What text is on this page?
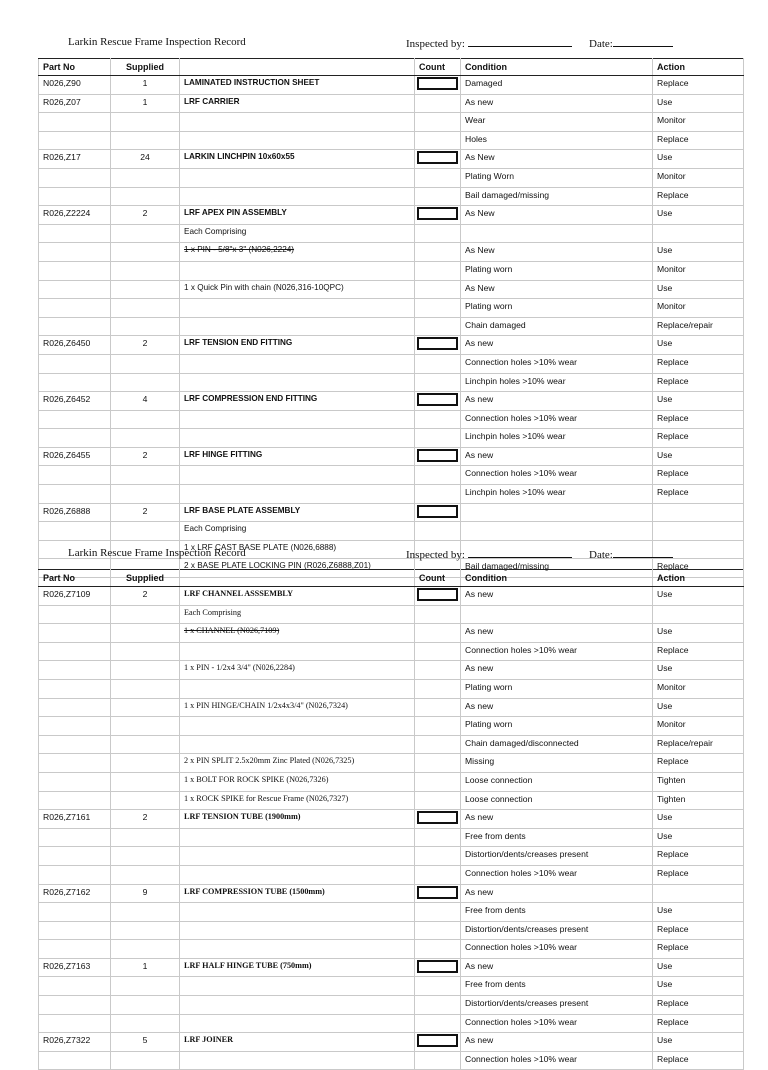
Larkin Rescue Frame Inspection Record	Inspected by:	Date:
Part No	Supplied		Count	Condition	Action
N026,Z90	1	LAMINATED INSTRUCTION SHEET		Damaged	Replace
R026,Z07	1	LRF CARRIER		As new	Use
				Wear	Monitor
				Holes	Replace
R026,Z17	24	LARKIN LINCHPIN 10x60x55		As New	Use
				Plating Worn	Monitor
				Bail damaged/missing	Replace
R026,Z2224	2	LRF APEX PIN ASSEMBLY		As New	Use
		Each Comprising			
		1 x PIN - 5/8"x 3" (N026,2224)		As New	Use
				Plating worn	Monitor
		1 x Quick Pin with chain (N026,316-10QPC)		As New	Use
				Plating worn	Monitor
				Chain damaged	Replace/repair
R026,Z6450	2	LRF TENSION END FITTING		As new	Use
				Connection holes >10% wear	Replace
				Linchpin holes >10% wear	Replace
R026,Z6452	4	LRF COMPRESSION END FITTING		As new	Use
				Connection holes >10% wear	Replace
				Linchpin holes >10% wear	Replace
R026,Z6455	2	LRF HINGE FITTING		As new	Use
				Connection holes >10% wear	Replace
				Linchpin holes >10% wear	Replace
R026,Z6888	2	LRF BASE PLATE ASSEMBLY	

		Each Comprising			
		1 x LRF CAST BASE PLATE (N026,6888)			
		2 x BASE PLATE LOCKING PIN (R026,Z6888,Z01)		Bail damaged/missing	Replace
Larkin Rescue Frame Inspection Record	Inspected by:	Date:
Part No	Supplied		Count	Condition	Action
R026,Z7109	2	LRF CHANNEL ASSSEMBLY		As new	Use
		Each Comprising			
		1 x CHANNEL (N026,7109)		As new	Use
				Connection holes >10% wear	Replace
		1 x PIN - 1/2x4 3/4" (N026,2284)		As new	Use
				Plating worn	Monitor
		1 x PIN HINGE/CHAIN 1/2x4x3/4" (N026,7324)		As new	Use
				Plating worn	Monitor
				Chain damaged/disconnected	Replace/repair
		2 x PIN SPLIT 2.5x20mm Zinc Plated (N026,7325)		Missing	Replace
		1 x BOLT FOR ROCK SPIKE (N026,7326)		Loose connection	Tighten
		1 x ROCK SPIKE for Rescue Frame (N026,7327)		Loose connection	Tighten
R026,Z7161	2	LRF TENSION TUBE (1900mm)		As new	Use
				Free from dents	Use
				Distortion/dents/creases present	Replace
				Connection holes >10% wear	Replace
R026,Z7162	9	LRF COMPRESSION TUBE (1500mm)		As new	
				Free from dents	Use
				Distortion/dents/creases present	Replace
				Connection holes >10% wear	Replace
R026,Z7163	1	LRF HALF HINGE TUBE (750mm)		As new	Use
				Free from dents	Use
				Distortion/dents/creases present	Replace
				Connection holes >10% wear	Replace
R026,Z7322	5	LRF JOINER		As new	Use
				Connection holes >10% wear	Replace
